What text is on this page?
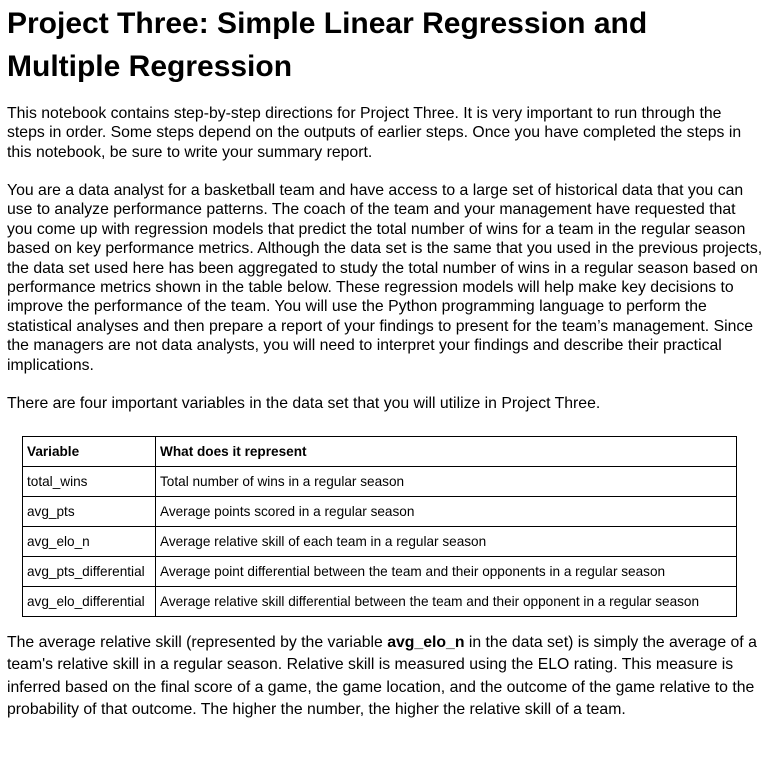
Project Three: Simple Linear Regression and Multiple Regression

This notebook contains step-by-step directions for Project Three. It is very important to run through the steps in order. Some steps depend on the outputs of earlier steps. Once you have completed the steps in this notebook, be sure to write your summary report.

You are a data analyst for a basketball team and have access to a large set of historical data that you can use to analyze performance patterns. The coach of the team and your management have requested that you come up with regression models that predict the total number of wins for a team in the regular season based on key performance metrics. Although the data set is the same that you used in the previous projects, the data set used here has been aggregated to study the total number of wins in a regular season based on performance metrics shown in the table below. These regression models will help make key decisions to improve the performance of the team. You will use the Python programming language to perform the statistical analyses and then prepare a report of your findings to present for the team’s management. Since the managers are not data analysts, you will need to interpret your findings and describe their practical implications.

There are four important variables in the data set that you will utilize in Project Three.

Variable	What does it represent
total_wins	Total number of wins in a regular season
avg_pts	Average points scored in a regular season
avg_elo_n	Average relative skill of each team in a regular season
avg_pts_differential	Average point differential between the team and their opponents in a regular season
avg_elo_differential	Average relative skill differential between the team and their opponent in a regular season

The average relative skill (represented by the variable avg_elo_n in the data set) is simply the average of a team's relative skill in a regular season. Relative skill is measured using the ELO rating. This measure is inferred based on the final score of a game, the game location, and the outcome of the game relative to the probability of that outcome. The higher the number, the higher the relative skill of a team.
